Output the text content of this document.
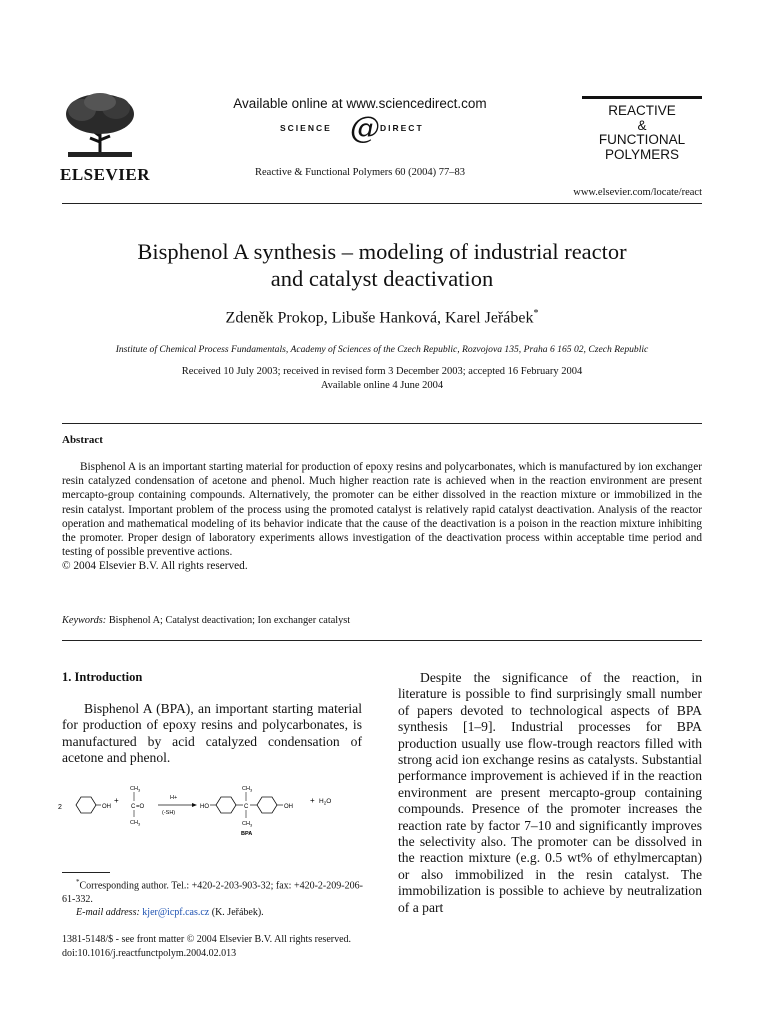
ELSEVIER
Available online at www.sciencedirect.com
SCIENCE @ DIRECT
Reactive & Functional Polymers 60 (2004) 77–83
REACTIVE
&
FUNCTIONAL
POLYMERS
www.elsevier.com/locate/react
Bisphenol A synthesis – modeling of industrial reactor
and catalyst deactivation
Zdeněk Prokop, Libuše Hanková, Karel Jeřábek*
Institute of Chemical Process Fundamentals, Academy of Sciences of the Czech Republic, Rozvojova 135, Praha 6 165 02, Czech Republic
Received 10 July 2003; received in revised form 3 December 2003; accepted 16 February 2004
Available online 4 June 2004
Abstract
Bisphenol A is an important starting material for production of epoxy resins and polycarbonates, which is manufactured by ion exchanger resin catalyzed condensation of acetone and phenol. Much higher reaction rate is achieved when in the reaction environment are present mercapto-group containing compounds. Alternatively, the promoter can be either dissolved in the reaction mixture or immobilized in the resin catalyst. Important problem of the process using the promoted catalyst is relatively rapid catalyst deactivation. Analysis of the reactor operation and mathematical modeling of its behavior indicate that the cause of the deactivation is a poison in the reaction mixture inhibiting the promoter. Proper design of laboratory experiments allows investigation of the deactivation process within acceptable time period and testing of possible preventive actions.
© 2004 Elsevier B.V. All rights reserved.
Keywords: Bisphenol A; Catalyst deactivation; Ion exchanger catalyst
1. Introduction

Bisphenol A (BPA), an important starting material for production of epoxy resins and polycarbonates, is manufactured by acid catalyzed condensation of acetone and phenol.

2	OH
+
$CH_3$
C =O
$CH_3$
H+
(-SH)
HO	C
$CH_3$
$CH_3$
BPA
OH
+ $H_2O$
*Corresponding author. Tel.: +420-2-203-903-32; fax: +420-2-209-206-61-332.
E-mail address: kjer@icpf.cas.cz (K. Jeřábek).

Despite the significance of the reaction, in literature is possible to find surprisingly small number of papers devoted to technological aspects of BPA synthesis [1–9]. Industrial processes for BPA production usually use flow-trough reactors filled with strong acid ion exchange resins as catalysts. Substantial performance improvement is achieved if in the reaction environment are present mercapto-group containing compounds. Presence of the promoter increases the reaction rate by factor 7–10 and significantly improves the selectivity also. The promoter can be dissolved in the reaction mixture (e.g. 0.5 wt% of ethylmercaptan) or also immobilized in the resin catalyst. The immobilization is possible to achieve by neutralization of a part

1381-5148/$ - see front matter © 2004 Elsevier B.V. All rights reserved.
doi:10.1016/j.reactfunctpolym.2004.02.013
